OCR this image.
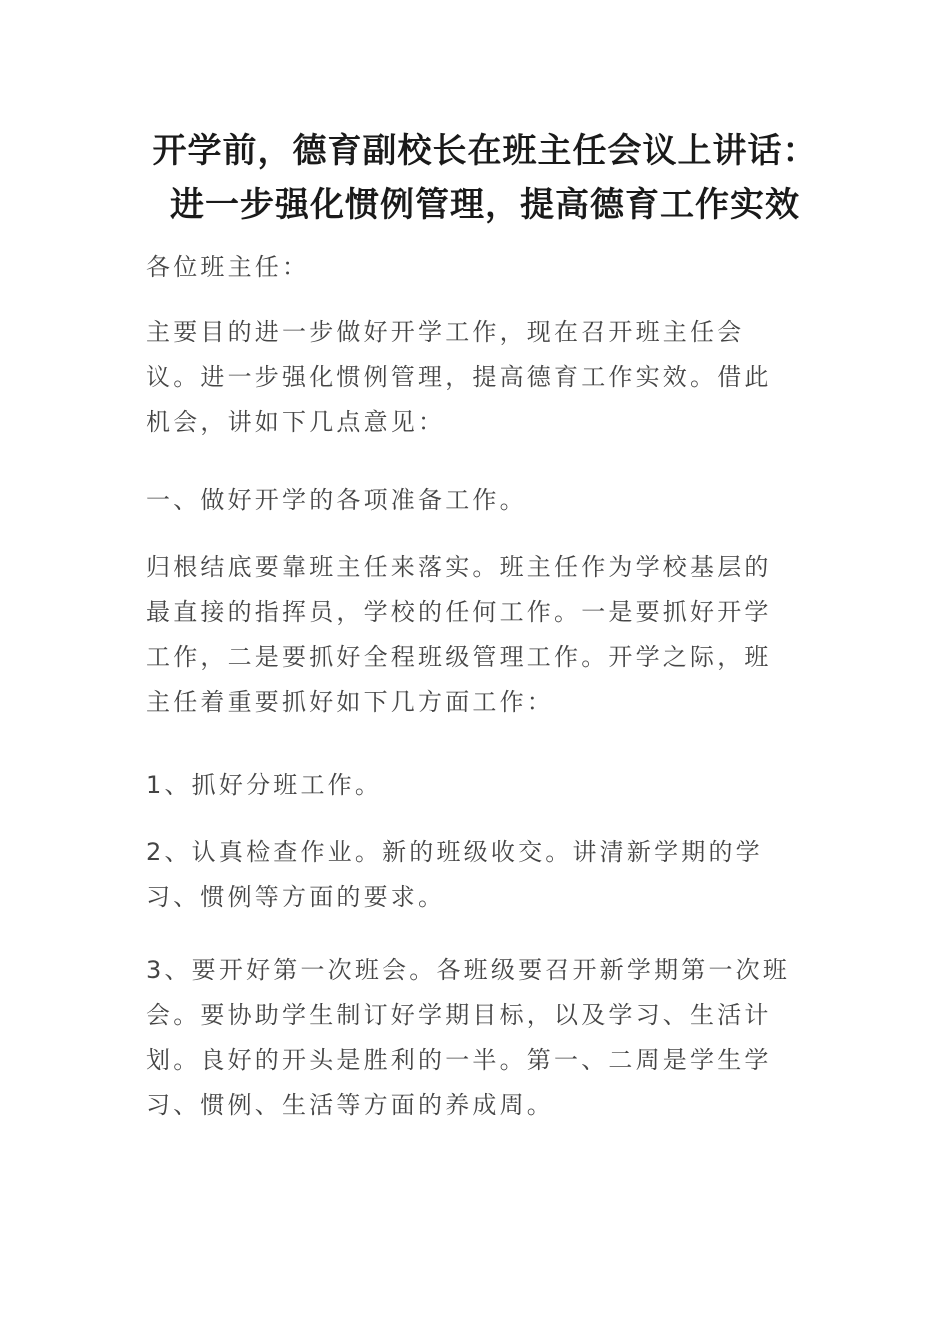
开学前，德育副校长在班主任会议上讲话：
进一步强化惯例管理，提高德育工作实效

各位班主任：

主要目的进一步做好开学工作，现在召开班主任会议。进一步强化惯例管理，提高德育工作实效。借此机会，讲如下几点意见：

一、做好开学的各项准备工作。

归根结底要靠班主任来落实。班主任作为学校基层的最直接的指挥员，学校的任何工作。一是要抓好开学工作，二是要抓好全程班级管理工作。开学之际，班主任着重要抓好如下几方面工作：

1、抓好分班工作。

2、认真检查作业。新的班级收交。讲清新学期的学习、惯例等方面的要求。

3、要开好第一次班会。各班级要召开新学期第一次班会。要协助学生制订好学期目标，以及学习、生活计划。良好的开头是胜利的一半。第一、二周是学生学习、惯例、生活等方面的养成周。
